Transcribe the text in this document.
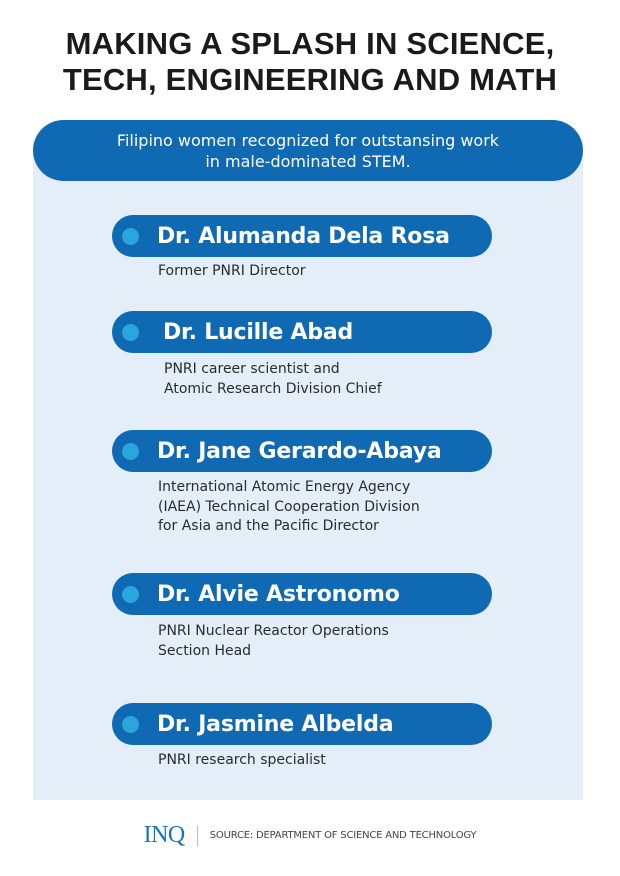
MAKING A SPLASH IN SCIENCE,
TECH, ENGINEERING AND MATH
Filipino women recognized for outstansing work
in male-dominated STEM.
Dr. Alumanda Dela Rosa
Former PNRI Director
Dr. Lucille Abad
PNRI career scientist and
Atomic Research Division Chief
Dr. Jane Gerardo-Abaya
International Atomic Energy Agency
(IAEA) Technical Cooperation Division
for Asia and the Pacific Director
Dr. Alvie Astronomo
PNRI Nuclear Reactor Operations
Section Head
Dr. Jasmine Albelda
PNRI research specialist
INQ	SOURCE: DEPARTMENT OF SCIENCE AND TECHNOLOGY
